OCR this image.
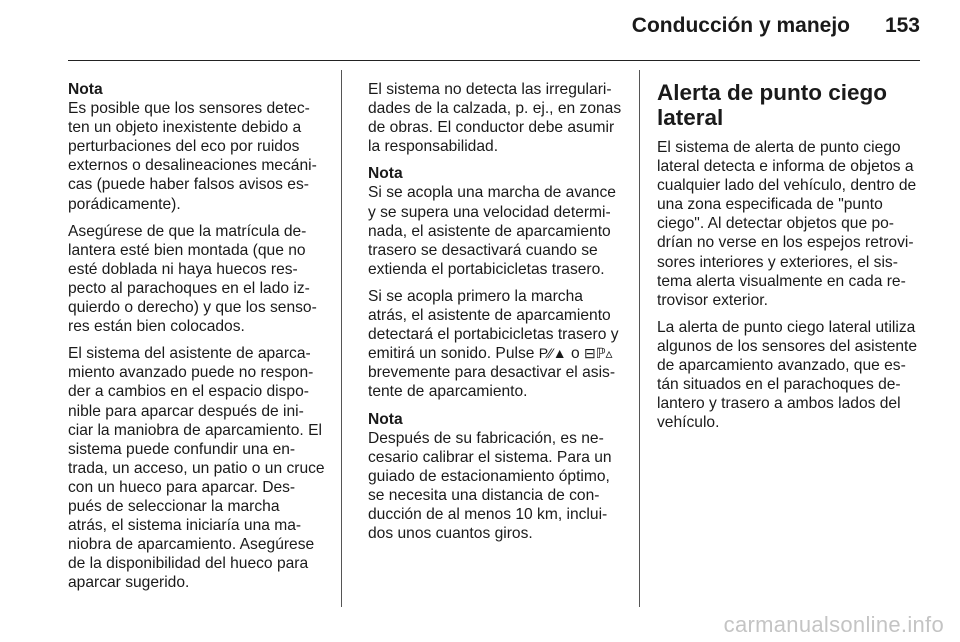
Conducción y manejo 153

Nota

Es posible que los sensores detec-
ten un objeto inexistente debido a
perturbaciones del eco por ruidos
externos o desalineaciones mecáni-
cas (puede haber falsos avisos es-
porádicamente).

Asegúrese de que la matrícula de-
lantera esté bien montada (que no
esté doblada ni haya huecos res-
pecto al parachoques en el lado iz-
quierdo o derecho) y que los senso-
res están bien colocados.

El sistema del asistente de aparca-
miento avanzado puede no respon-
der a cambios en el espacio dispo-
nible para aparcar después de ini-
ciar la maniobra de aparcamiento. El
sistema puede confundir una en-
trada, un acceso, un patio o un cruce
con un hueco para aparcar. Des-
pués de seleccionar la marcha
atrás, el sistema iniciaría una ma-
niobra de aparcamiento. Asegúrese
de la disponibilidad del hueco para
aparcar sugerido.

El sistema no detecta las irregulari-
dades de la calzada, p. ej., en zonas
de obras. El conductor debe asumir
la responsabilidad.

Nota

Si se acopla una marcha de avance
y se supera una velocidad determi-
nada, el asistente de aparcamiento
trasero se desactivará cuando se
extienda el portabicicletas trasero.

Si se acopla primero la marcha
atrás, el asistente de aparcamiento
detectará el portabicicletas trasero y
emitirá un sonido. Pulse P⁄⁄▲ o ⊟ℙ▵
brevemente para desactivar el asis-
tente de aparcamiento.

Nota

Después de su fabricación, es ne-
cesario calibrar el sistema. Para un
guiado de estacionamiento óptimo,
se necesita una distancia de con-
ducción de al menos 10 km, inclui-
dos unos cuantos giros.

Alerta de punto ciego
lateral

El sistema de alerta de punto ciego
lateral detecta e informa de objetos a
cualquier lado del vehículo, dentro de
una zona especificada de "punto
ciego". Al detectar objetos que po-
drían no verse en los espejos retrovi-
sores interiores y exteriores, el sis-
tema alerta visualmente en cada re-
trovisor exterior.

La alerta de punto ciego lateral utiliza
algunos de los sensores del asistente
de aparcamiento avanzado, que es-
tán situados en el parachoques de-
lantero y trasero a ambos lados del
vehículo.

carmanualsonline.info
